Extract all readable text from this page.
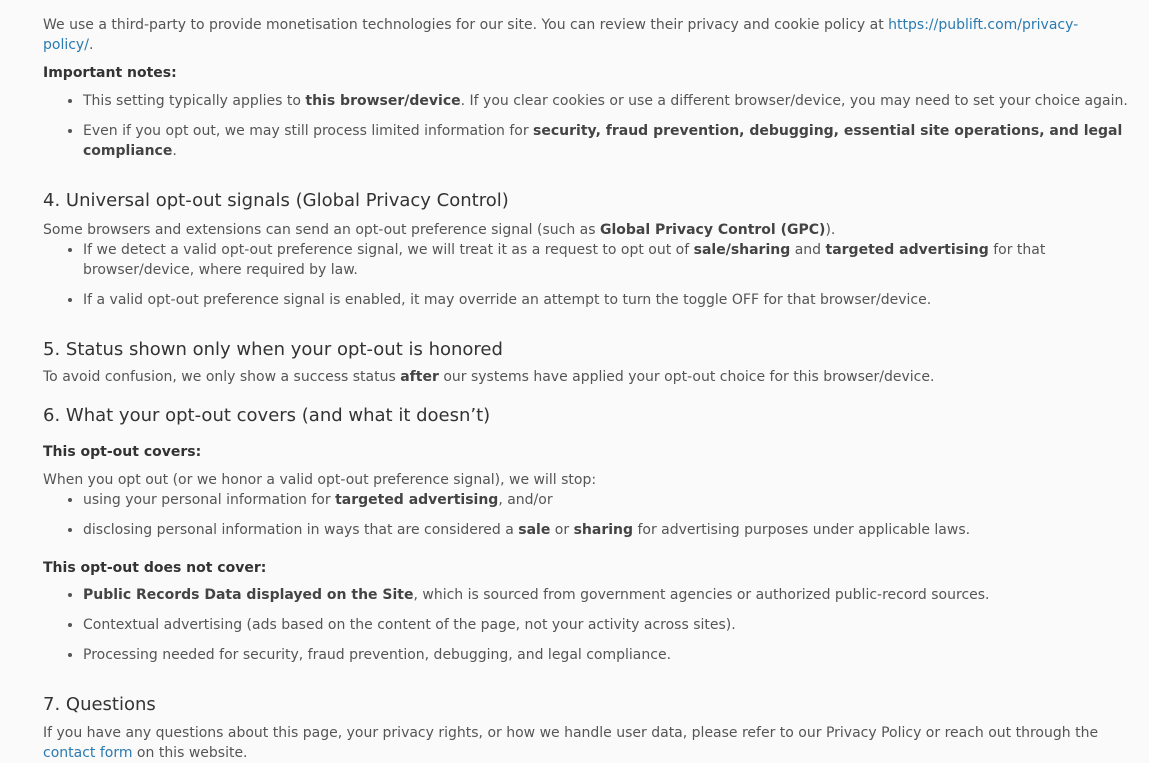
We use a third-party to provide monetisation technologies for our site. You can review their privacy and cookie policy at https://publift.com/privacy-policy/.

Important notes:

• This setting typically applies to this browser/device. If you clear cookies or use a different browser/device, you may need to set your choice again.
• Even if you opt out, we may still process limited information for security, fraud prevention, debugging, essential site operations, and legal compliance.
4. Universal opt-out signals (Global Privacy Control)

Some browsers and extensions can send an opt-out preference signal (such as Global Privacy Control (GPC)).

• If we detect a valid opt-out preference signal, we will treat it as a request to opt out of sale/sharing and targeted advertising for that browser/device, where required by law.
• If a valid opt-out preference signal is enabled, it may override an attempt to turn the toggle OFF for that browser/device.
5. Status shown only when your opt-out is honored

To avoid confusion, we only show a success status after our systems have applied your opt-out choice for this browser/device.

6. What your opt-out covers (and what it doesn’t)

This opt-out covers:

When you opt out (or we honor a valid opt-out preference signal), we will stop:

• using your personal information for targeted advertising, and/or
• disclosing personal information in ways that are considered a sale or sharing for advertising purposes under applicable laws.

This opt-out does not cover:

• Public Records Data displayed on the Site, which is sourced from government agencies or authorized public-record sources.
• Contextual advertising (ads based on the content of the page, not your activity across sites).
• Processing needed for security, fraud prevention, debugging, and legal compliance.
7. Questions

If you have any questions about this page, your privacy rights, or how we handle user data, please refer to our Privacy Policy or reach out through the contact form on this website.
